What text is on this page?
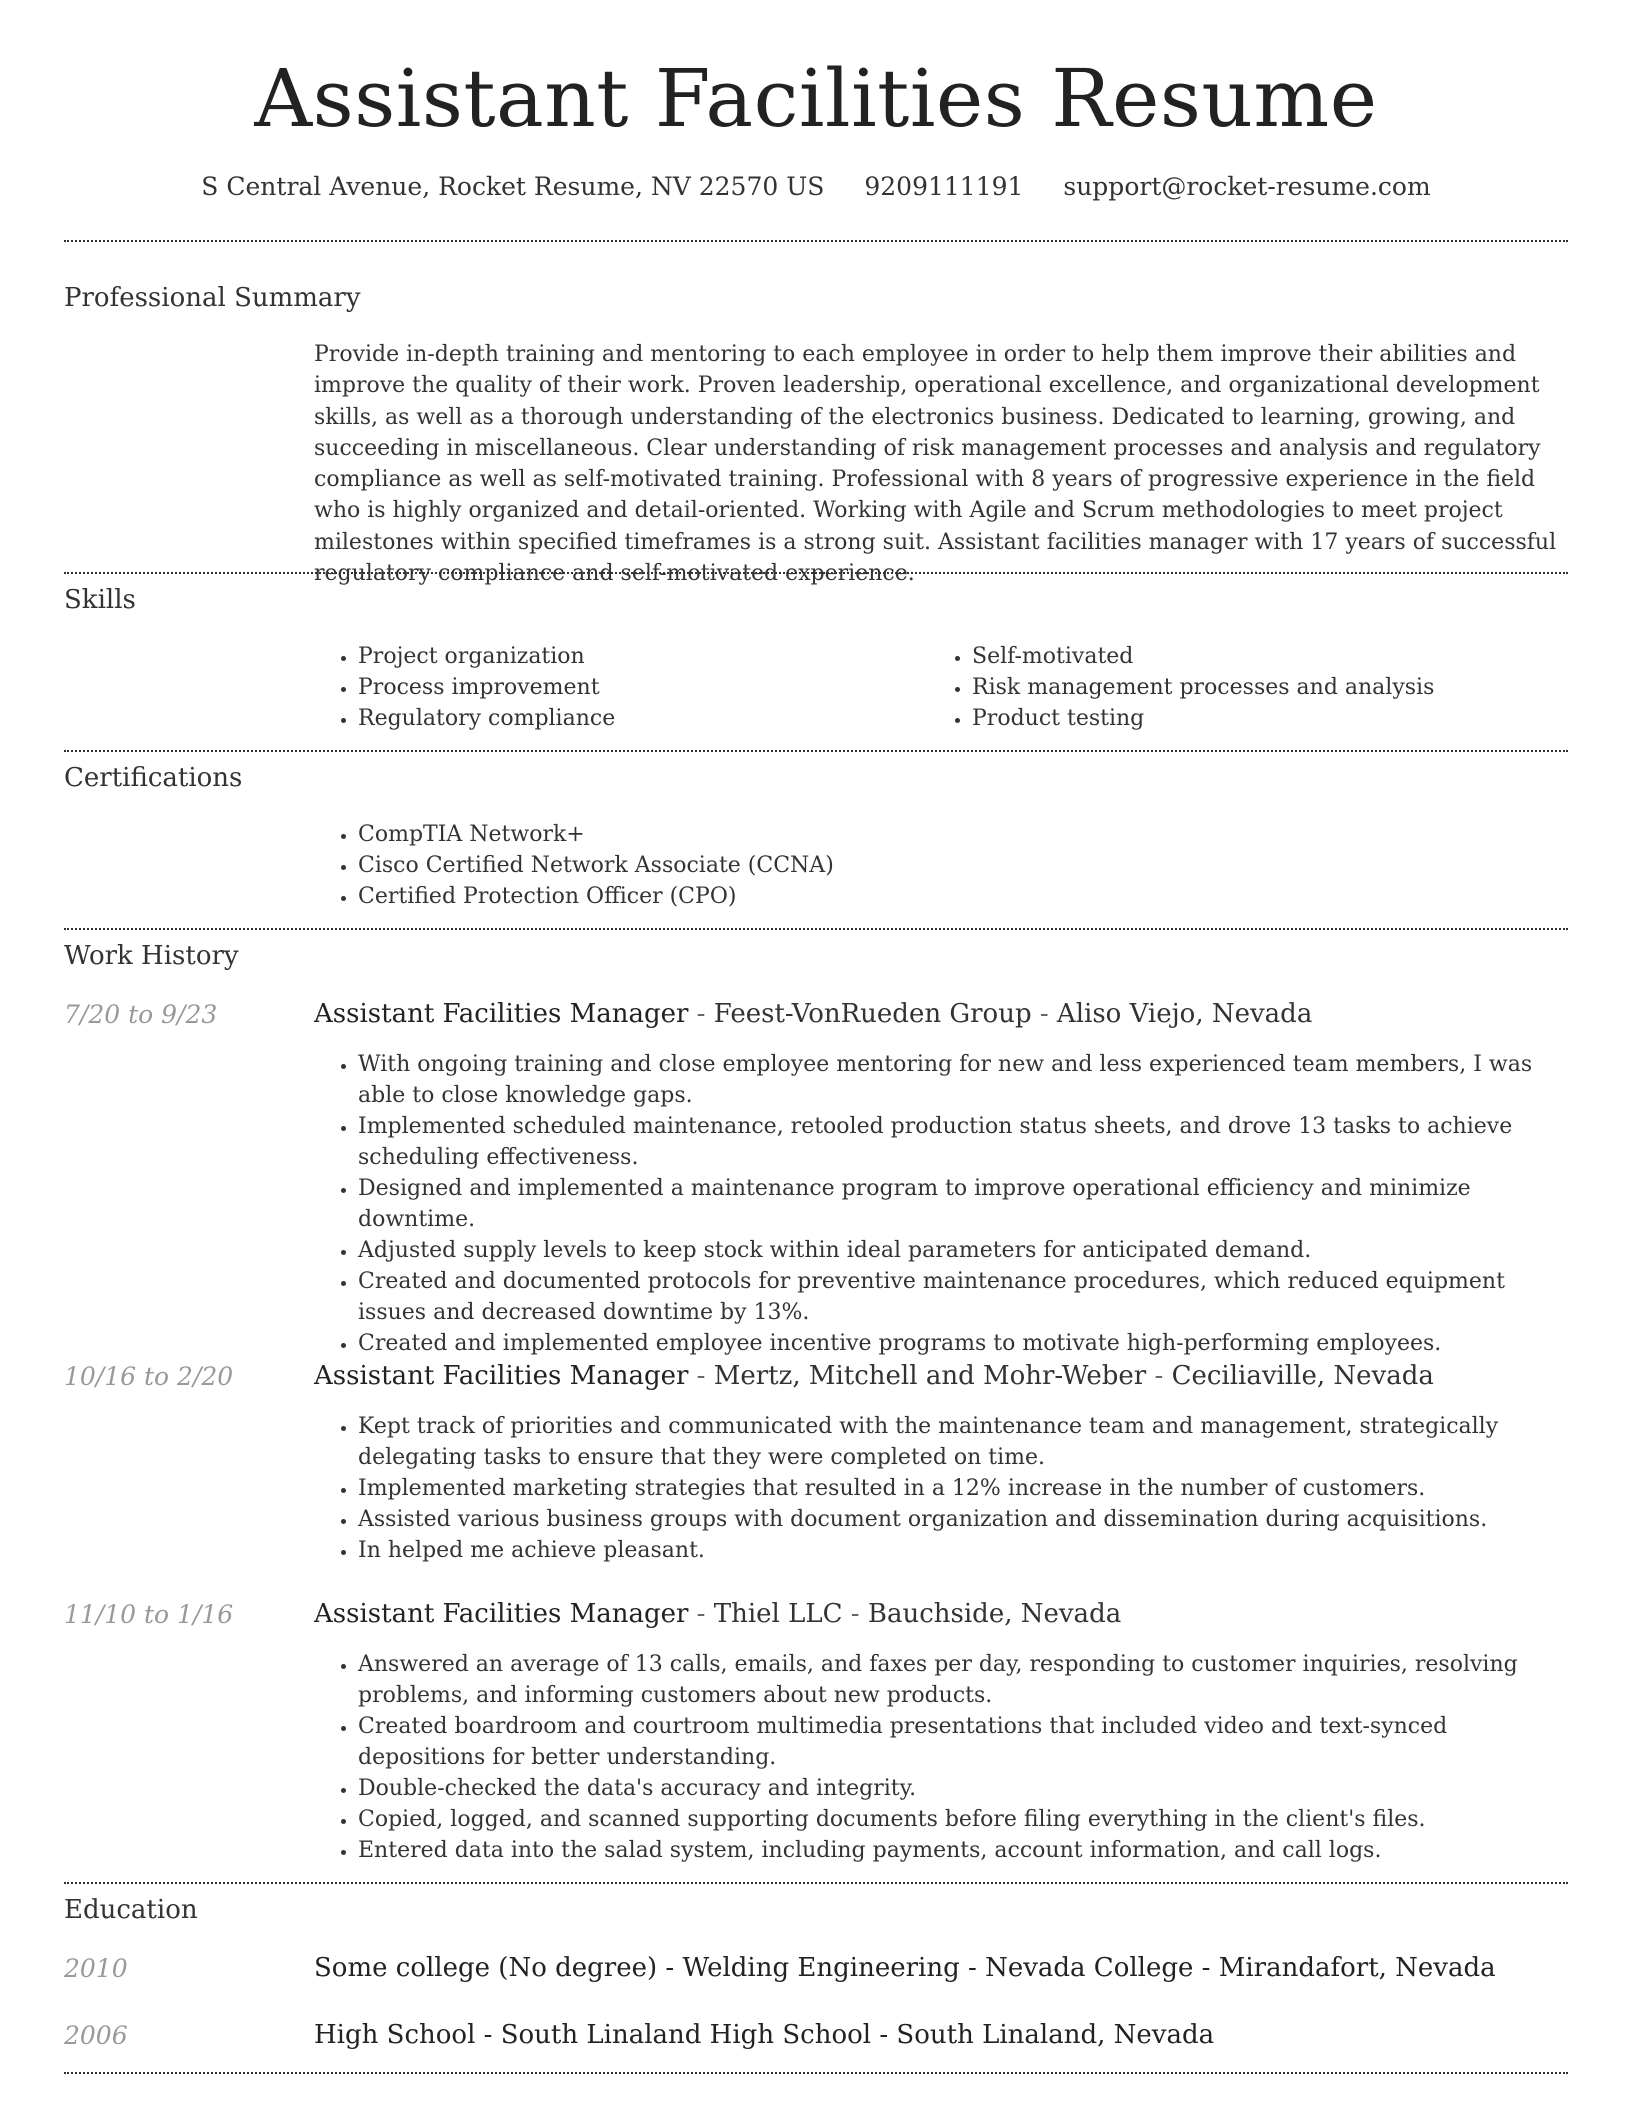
Assistant Facilities Resume
S Central Avenue, Rocket Resume, NV 22570 US 9209111191 support@rocket-resume.com
Professional Summary

Provide in-depth training and mentoring to each employee in order to help them improve their abilities and improve the quality of their work. Proven leadership, operational excellence, and organizational development skills, as well as a thorough understanding of the electronics business. Dedicated to learning, growing, and succeeding in miscellaneous. Clear understanding of risk management processes and analysis and regulatory compliance as well as self-motivated training. Professional with 8 years of progressive experience in the field who is highly organized and detail-oriented. Working with Agile and Scrum methodologies to meet project milestones within specified timeframes is a strong suit. Assistant facilities manager with 17 years of successful regulatory compliance and self-motivated experience.

Skills
• Project organization
• Process improvement
• Regulatory compliance
• Self-motivated
• Risk management processes and analysis
• Product testing
Certifications
• CompTIA Network+
• Cisco Certified Network Associate (CCNA)
• Certified Protection Officer (CPO)
Work History
7/20 to 9/23	Assistant Facilities Manager - Feest-VonRueden Group - Aliso Viejo, Nevada
• With ongoing training and close employee mentoring for new and less experienced team members, I was able to close knowledge gaps.
• Implemented scheduled maintenance, retooled production status sheets, and drove 13 tasks to achieve scheduling effectiveness.
• Designed and implemented a maintenance program to improve operational efficiency and minimize downtime.
• Adjusted supply levels to keep stock within ideal parameters for anticipated demand.
• Created and documented protocols for preventive maintenance procedures, which reduced equipment issues and decreased downtime by 13%.
• Created and implemented employee incentive programs to motivate high-performing employees.
10/16 to 2/20	Assistant Facilities Manager - Mertz, Mitchell and Mohr-Weber - Ceciliaville, Nevada
• Kept track of priorities and communicated with the maintenance team and management, strategically delegating tasks to ensure that they were completed on time.
• Implemented marketing strategies that resulted in a 12% increase in the number of customers.
• Assisted various business groups with document organization and dissemination during acquisitions.
• In helped me achieve pleasant.
11/10 to 1/16	Assistant Facilities Manager - Thiel LLC - Bauchside, Nevada
• Answered an average of 13 calls, emails, and faxes per day, responding to customer inquiries, resolving problems, and informing customers about new products.
• Created boardroom and courtroom multimedia presentations that included video and text-synced depositions for better understanding.
• Double-checked the data's accuracy and integrity.
• Copied, logged, and scanned supporting documents before filing everything in the client's files.
• Entered data into the salad system, including payments, account information, and call logs.
Education
2010	Some college (No degree) - Welding Engineering - Nevada College - Mirandafort, Nevada
2006	High School - South Linaland High School - South Linaland, Nevada
